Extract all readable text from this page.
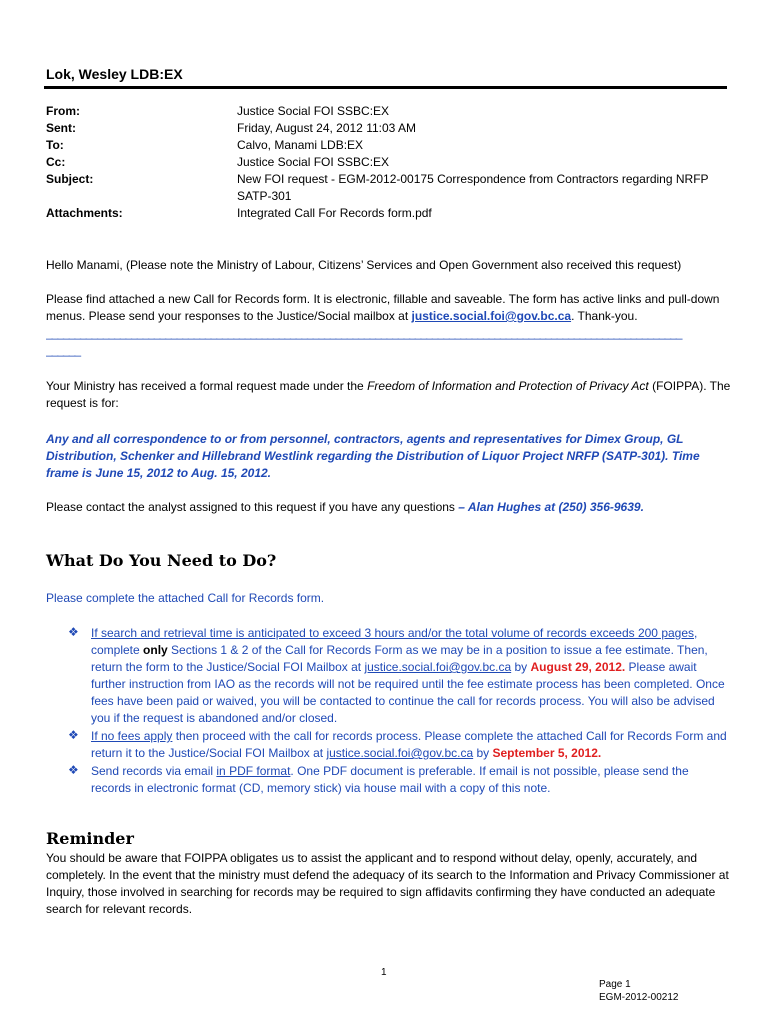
Lok, Wesley LDB:EX
From:	Justice Social FOI SSBC:EX
Sent:	Friday, August 24, 2012 11:03 AM
To:	Calvo, Manami LDB:EX
Cc:	Justice Social FOI SSBC:EX
Subject:	New FOI request - EGM-2012-00175 Correspondence from Contractors regarding NRFP SATP-301
Attachments:	Integrated Call For Records form.pdf
Hello Manami, (Please note the Ministry of Labour, Citizens’ Services and Open Government also received this request)
Please find attached a new Call for Records form. It is electronic, fillable and saveable. The form has active links and pull-down menus. Please send your responses to the Justice/Social mailbox at justice.social.foi@gov.bc.ca. Thank-you.
________________________________________________________________________________________________________________
______
Your Ministry has received a formal request made under the Freedom of Information and Protection of Privacy Act (FOIPPA). The request is for:
Any and all correspondence to or from personnel, contractors, agents and representatives for Dimex Group, GL Distribution, Schenker and Hillebrand Westlink regarding the Distribution of Liquor Project NRFP (SATP-301). Time frame is June 15, 2012 to Aug. 15, 2012.
Please contact the analyst assigned to this request if you have any questions – Alan Hughes at (250) 356-9639.
What Do You Need to Do?
Please complete the attached Call for Records form.
❖ If search and retrieval time is anticipated to exceed 3 hours and/or the total volume of records exceeds 200 pages, complete only Sections 1 & 2 of the Call for Records Form as we may be in a position to issue a fee estimate. Then, return the form to the Justice/Social FOI Mailbox at justice.social.foi@gov.bc.ca by August 29, 2012. Please await further instruction from IAO as the records will not be required until the fee estimate process has been completed. Once fees have been paid or waived, you will be contacted to continue the call for records process. You will also be advised you if the request is abandoned and/or closed.
❖ If no fees apply then proceed with the call for records process. Please complete the attached Call for Records Form and return it to the Justice/Social FOI Mailbox at justice.social.foi@gov.bc.ca by September 5, 2012.
❖ Send records via email in PDF format. One PDF document is preferable. If email is not possible, please send the records in electronic format (CD, memory stick) via house mail with a copy of this note.
Reminder
You should be aware that FOIPPA obligates us to assist the applicant and to respond without delay, openly, accurately, and completely. In the event that the ministry must defend the adequacy of its search to the Information and Privacy Commissioner at Inquiry, those involved in searching for records may be required to sign affidavits confirming they have conducted an adequate search for relevant records.
1
Page 1
EGM-2012-00212
